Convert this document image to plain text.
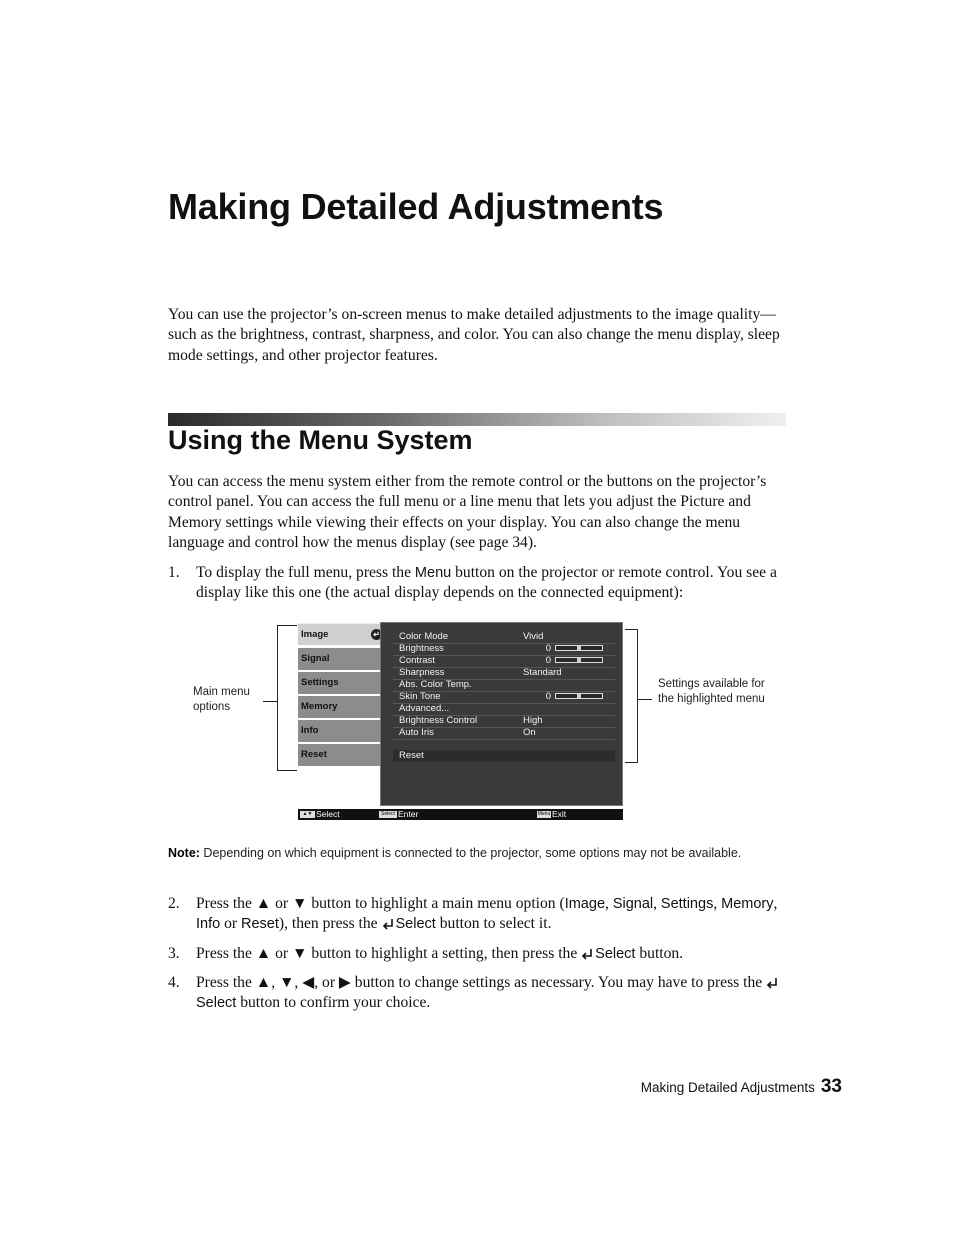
Making Detailed Adjustments

You can use the projector’s on-screen menus to make detailed adjustments to the image quality—such as the brightness, contrast, sharpness, and color. You can also change the menu display, sleep mode settings, and other projector features.

Using the Menu System

You can access the menu system either from the remote control or the buttons on the projector’s control panel. You can access the full menu or a line menu that lets you adjust the Picture and Memory settings while viewing their effects on your display. You can also change the menu language and control how the menus display (see page 34).

1. To display the full menu, press the Menu button on the projector or remote control. You see a display like this one (the actual display depends on the connected equipment):
Image	↵
Signal
Settings
Memory
Info
Reset
Color Mode	Vivid
Brightness	0
Contrast	0
Sharpness	Standard
Abs. Color Temp.
Skin Tone	0
Advanced...
Brightness Control	High
Auto Iris	On
Reset
▲▼ Select	Select Enter	Menu Exit
Main menu options
Settings available for the highlighted menu
Note: Depending on which equipment is connected to the projector, some options may not be available.
2. Press the ▲ or ▼ button to highlight a main menu option (Image, Signal, Settings, Memory, Info or Reset), then press the Select button to select it.
3. Press the ▲ or ▼ button to highlight a setting, then press the Select button.
4. Press the ▲, ▼, ◀, or ▶ button to change settings as necessary. You may have to press the Select button to confirm your choice.
Making Detailed Adjustments 33
